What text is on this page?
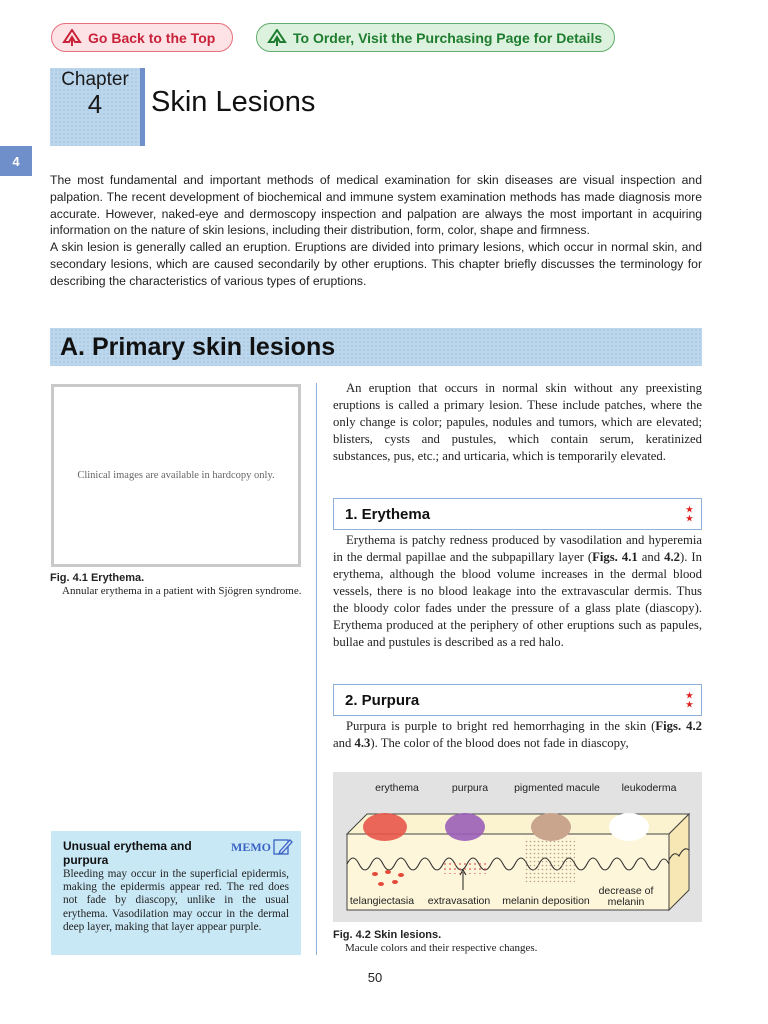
Go Back to the Top	To Order, Visit the Purchasing Page for Details
Chapter
4	Skin Lesions
4

The most fundamental and important methods of medical examination for skin diseases are visual inspection and palpation. The recent development of biochemical and immune system examination methods has made diagnosis more accurate. However, naked-eye and dermoscopy inspection and palpation are always the most important in acquiring information on the nature of skin lesions, including their distribution, form, color, shape and firmness.

A skin lesion is generally called an eruption. Eruptions are divided into primary lesions, which occur in normal skin, and secondary lesions, which are caused secondarily by other eruptions. This chapter briefly discusses the terminology for describing the characteristics of various types of eruptions.

A. Primary skin lesions
Clinical images are available in hardcopy only.
Fig. 4.1 Erythema.
Annular erythema in a patient with Sjögren syndrome.
An eruption that occurs in normal skin without any preexisting eruptions is called a primary lesion. These include patches, where the only change is color; papules, nodules and tumors, which are elevated; blisters, cysts and pustules, which contain serum, keratinized substances, pus, etc.; and urticaria, which is temporarily elevated.
1. Erythema	★
★
Erythema is patchy redness produced by vasodilation and hyperemia in the dermal papillae and the subpapillary layer (Figs. 4.1 and 4.2). In erythema, although the blood volume increases in the dermal blood vessels, there is no blood leakage into the extravascular dermis. Thus the bloody color fades under the pressure of a glass plate (diascopy). Erythema produced at the periphery of other eruptions such as papules, bullae and pustules is described as a red halo.
2. Purpura	★
★
Purpura is purple to bright red hemorrhaging in the skin (Figs. 4.2 and 4.3). The color of the blood does not fade in diascopy,
Unusual erythema and purpura
MEMO
Bleeding may occur in the superficial epidermis, making the epidermis appear red. The red does not fade by diascopy, unlike in the usual erythema. Vasodilation may occur in the dermal deep layer, making that layer appear purple.
erythema	purpura pigmented macule leukoderma
telangiectasia extravasation melanin deposition
decrease of
melanin
Fig. 4.2 Skin lesions.
Macule colors and their respective changes.
50
